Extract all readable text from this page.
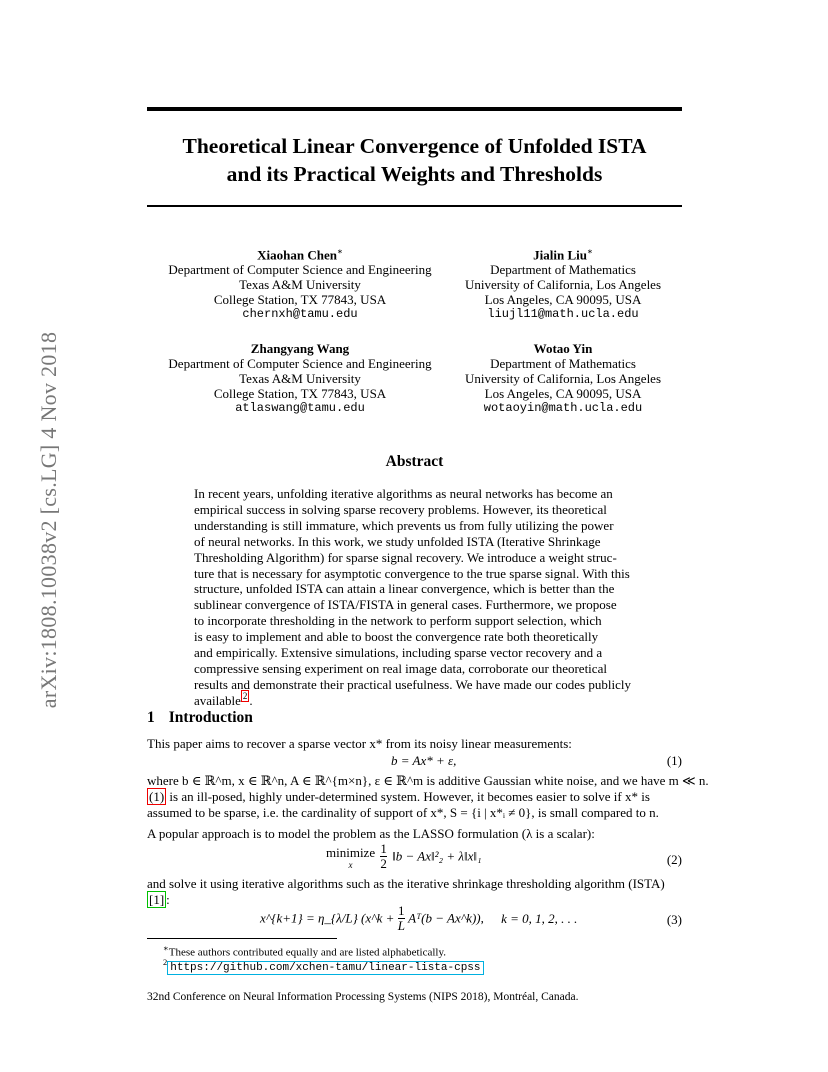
arXiv:1808.10038v2 [cs.LG] 4 Nov 2018
Theoretical Linear Convergence of Unfolded ISTA
and its Practical Weights and Thresholds
Xiaohan Chen∗
Department of Computer Science and Engineering
Texas A&M University
College Station, TX 77843, USA
chernxh@tamu.edu
Jialin Liu∗
Department of Mathematics
University of California, Los Angeles
Los Angeles, CA 90095, USA
liujl11@math.ucla.edu
Zhangyang Wang
Department of Computer Science and Engineering
Texas A&M University
College Station, TX 77843, USA
atlaswang@tamu.edu
Wotao Yin
Department of Mathematics
University of California, Los Angeles
Los Angeles, CA 90095, USA
wotaoyin@math.ucla.edu
Abstract
In recent years, unfolding iterative algorithms as neural networks has become an
empirical success in solving sparse recovery problems. However, its theoretical
understanding is still immature, which prevents us from fully utilizing the power
of neural networks. In this work, we study unfolded ISTA (Iterative Shrinkage
Thresholding Algorithm) for sparse signal recovery. We introduce a weight struc-
ture that is necessary for asymptotic convergence to the true sparse signal. With this
structure, unfolded ISTA can attain a linear convergence, which is better than the
sublinear convergence of ISTA/FISTA in general cases. Furthermore, we propose
to incorporate thresholding in the network to perform support selection, which
is easy to implement and able to boost the convergence rate both theoretically
and empirically. Extensive simulations, including sparse vector recovery and a
compressive sensing experiment on real image data, corroborate our theoretical
results and demonstrate their practical usefulness. We have made our codes publicly
available $^2$ .
1 Introduction
This paper aims to recover a sparse vector x* from its noisy linear measurements:
b = Ax* + ε,	(1)
where b ∈ ℝ^m, x ∈ ℝ^n, A ∈ ℝ^{m×n}, ε ∈ ℝ^m is additive Gaussian white noise, and we have m ≪ n.
(1) is an ill-posed, highly under-determined system. However, it becomes easier to solve if x* is
assumed to be sparse, i.e. the cardinality of support of x*, S = {i | x*ᵢ ≠ 0}, is small compared to n.
A popular approach is to model the problem as the LASSO formulation (λ is a scalar):
minimize
x
	$\frac{1}{2}$ ‖b − Ax‖²₂ + λ‖x‖₁	(2)
and solve it using iterative algorithms such as the iterative shrinkage thresholding algorithm (ISTA)
[1] :
x^{k+1} = η_{λ/L} (x^k + $\frac{1}{L}$ Aᵀ(b − Ax^k)), k = 0, 1, 2, . . .	(3)
∗These authors contributed equally and are listed alphabetically.
$^2$ https://github.com/xchen-tamu/linear-lista-cpss
32nd Conference on Neural Information Processing Systems (NIPS 2018), Montréal, Canada.
